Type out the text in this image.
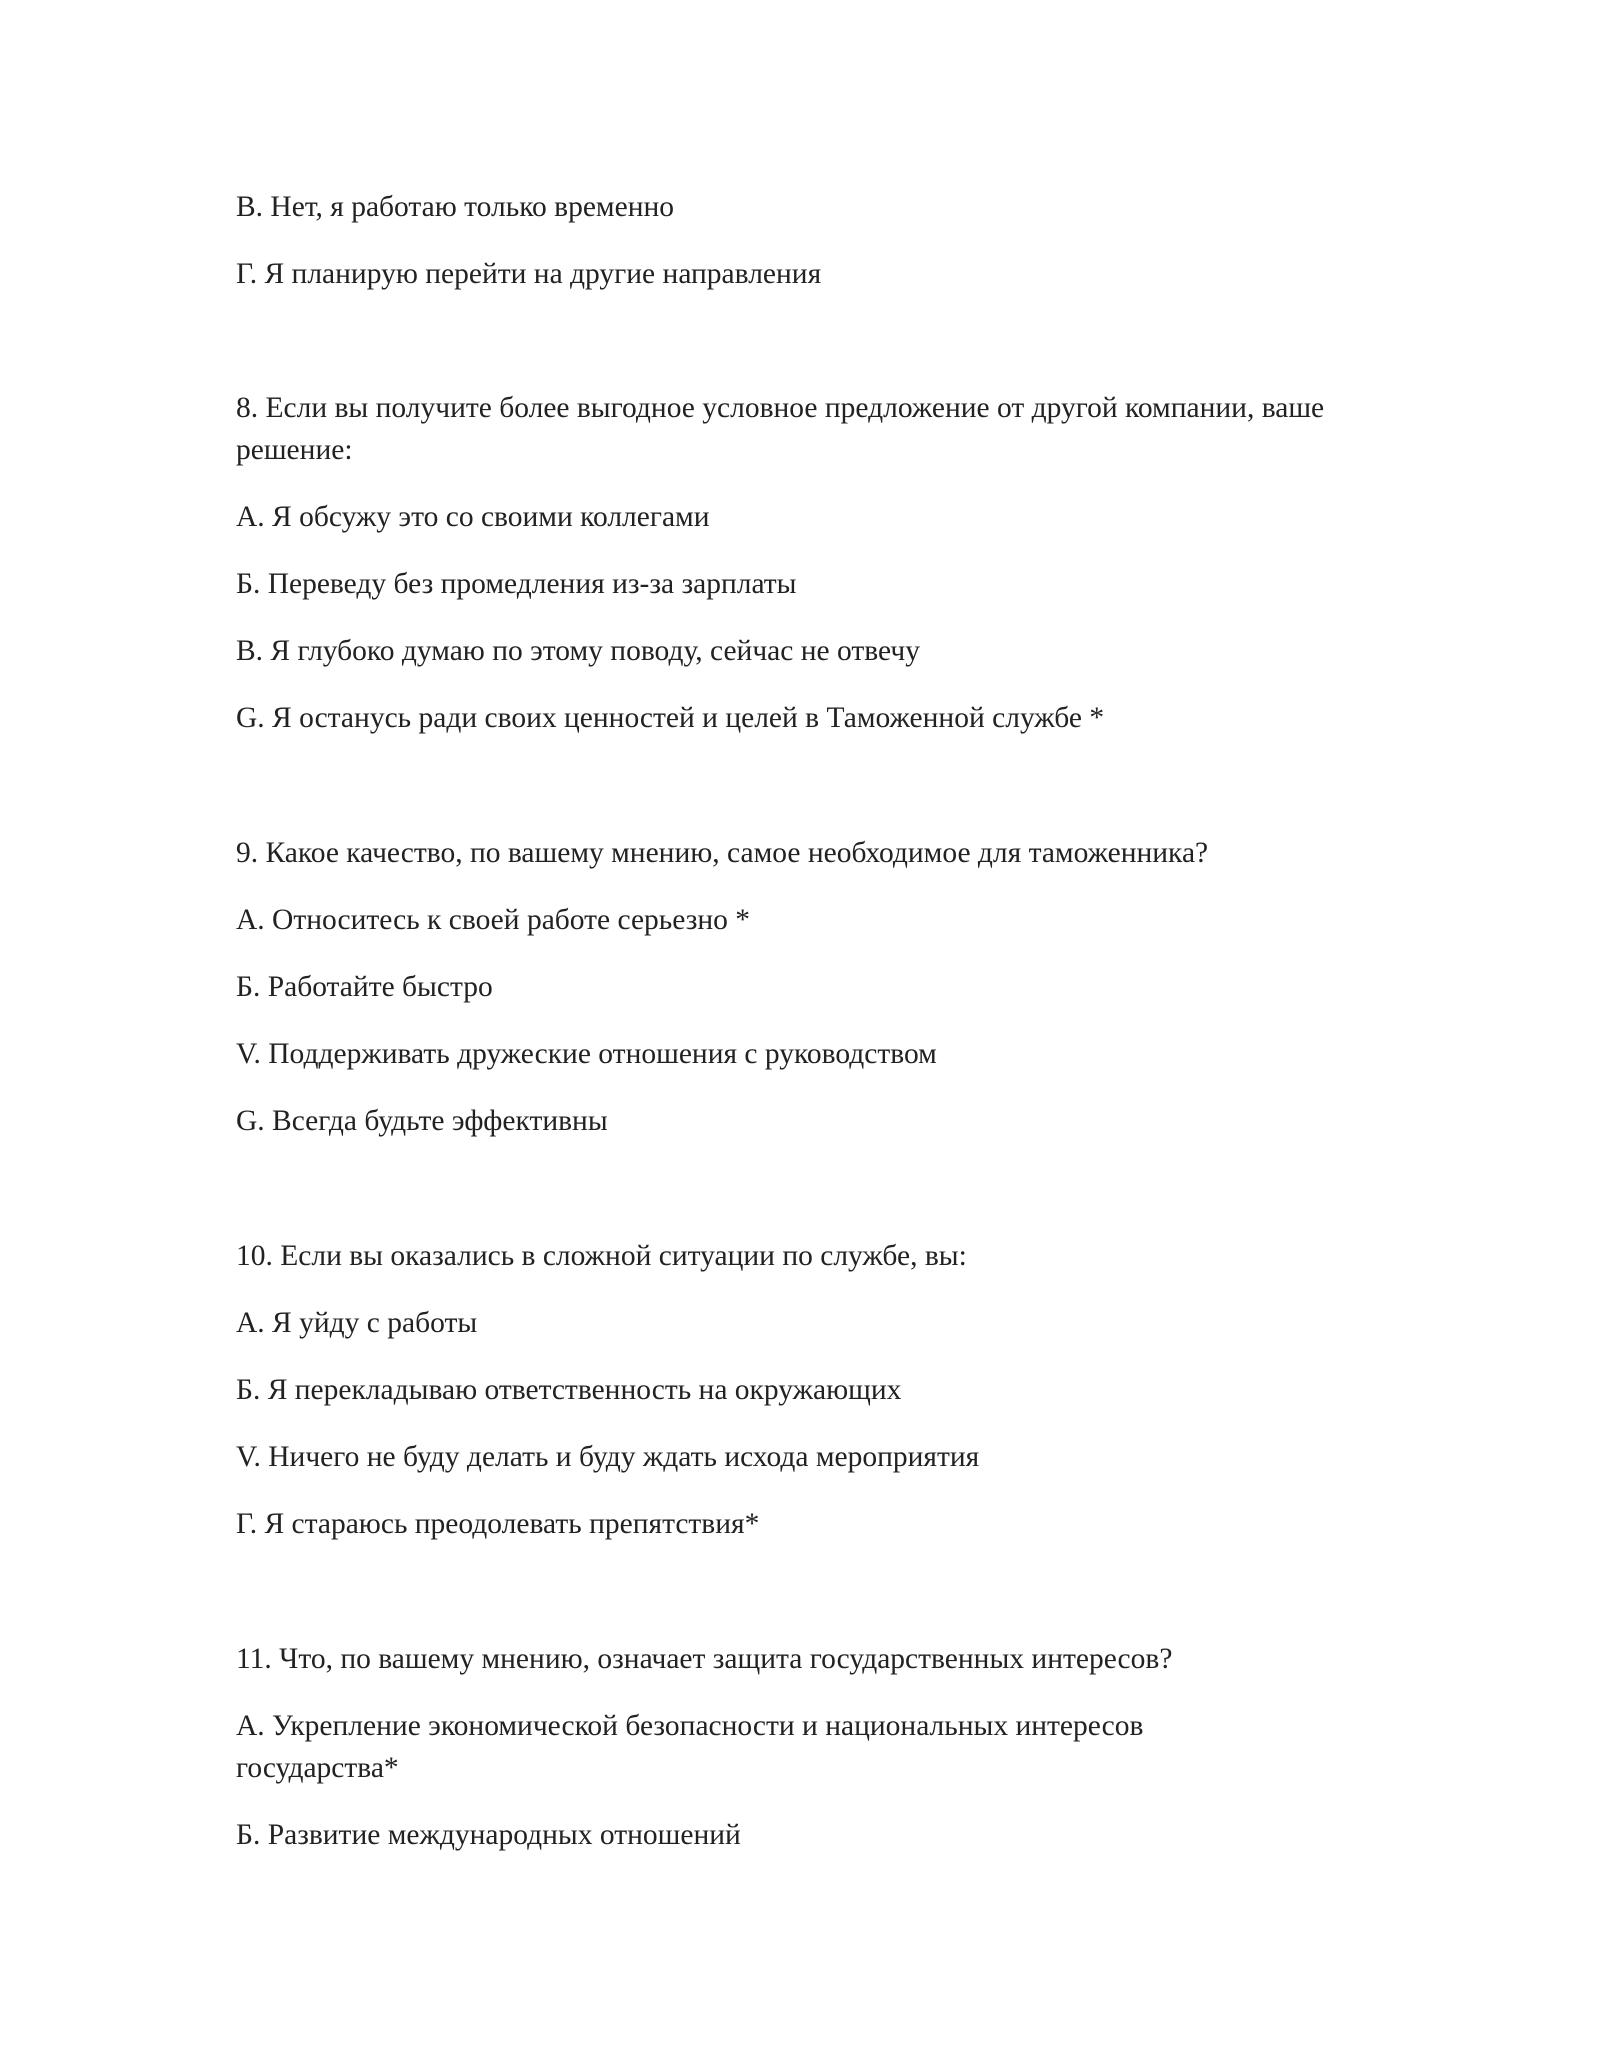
В. Нет, я работаю только временно

Г. Я планирую перейти на другие направления

8. Если вы получите более выгодное условное предложение от другой компании, ваше решение:

А. Я обсужу это со своими коллегами

Б. Переведу без промедления из-за зарплаты

В. Я глубоко думаю по этому поводу, сейчас не отвечу

G. Я останусь ради своих ценностей и целей в Таможенной службе *

9. Какое качество, по вашему мнению, самое необходимое для таможенника?

А. Относитесь к своей работе серьезно *

Б. Работайте быстро

V. Поддерживать дружеские отношения с руководством

G. Всегда будьте эффективны

10. Если вы оказались в сложной ситуации по службе, вы:

А. Я уйду с работы

Б. Я перекладываю ответственность на окружающих

V. Ничего не буду делать и буду ждать исхода мероприятия

Г. Я стараюсь преодолевать препятствия*

11. Что, по вашему мнению, означает защита государственных интересов?

А. Укрепление экономической безопасности и национальных интересов государства*

Б. Развитие международных отношений
